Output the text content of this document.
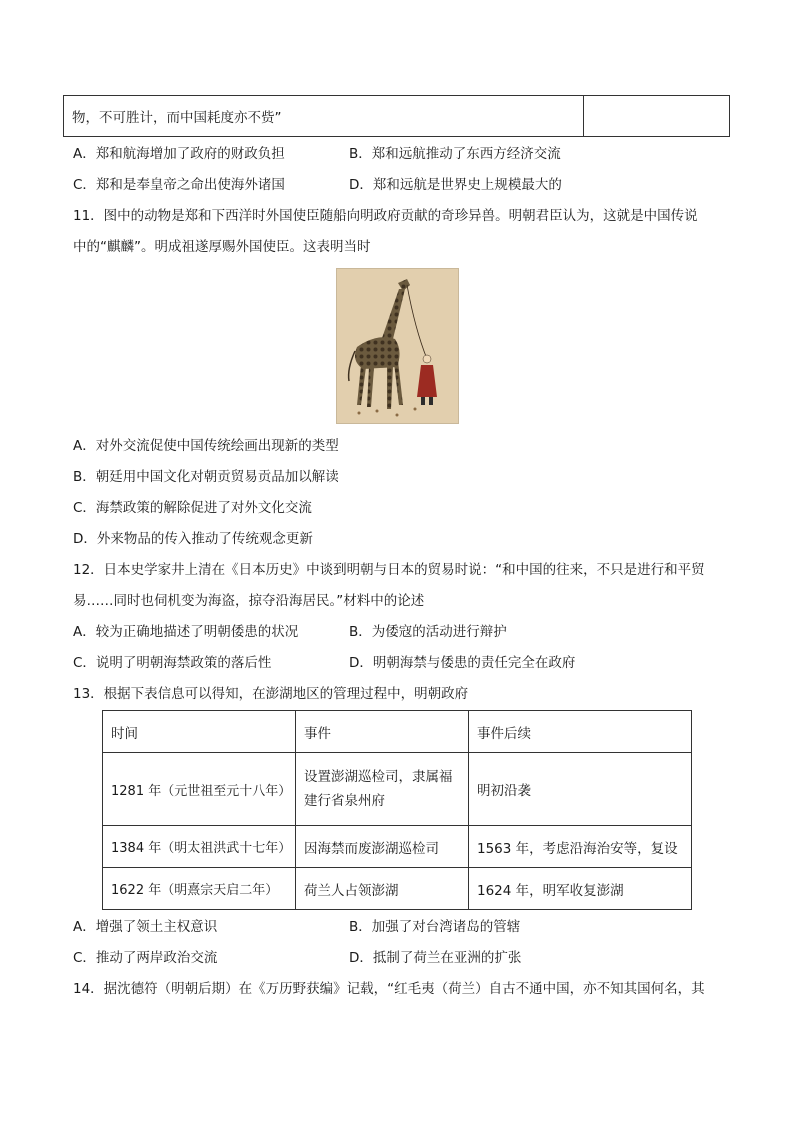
物，不可胜计，而中国耗度亦不赀”	
A．郑和航海增加了政府的财政负担	B．郑和远航推动了东西方经济交流
C．郑和是奉皇帝之命出使海外诸国	D．郑和远航是世界史上规模最大的
11．图中的动物是郑和下西洋时外国使臣随船向明政府贡献的奇珍异兽。明朝君臣认为，这就是中国传说
中的“麒麟”。明成祖遂厚赐外国使臣。这表明当时
A．对外交流促使中国传统绘画出现新的类型
B．朝廷用中国文化对朝贡贸易贡品加以解读
C．海禁政策的解除促进了对外文化交流
D．外来物品的传入推动了传统观念更新
12．日本史学家井上清在《日本历史》中谈到明朝与日本的贸易时说：“和中国的往来，不只是进行和平贸
易……同时也伺机变为海盗，掠夺沿海居民。”材料中的论述
A．较为正确地描述了明朝倭患的状况	B．为倭寇的活动进行辩护
C．说明了明朝海禁政策的落后性	D．明朝海禁与倭患的责任完全在政府
13．根据下表信息可以得知，在澎湖地区的管理过程中，明朝政府
时间	事件	事件后续
1281 年（元世祖至元十八年）	设置澎湖巡检司，隶属福建行省泉州府	明初沿袭
1384 年（明太祖洪武十七年）	因海禁而废澎湖巡检司	1563 年，考虑沿海治安等，复设
1622 年（明熹宗天启二年）	荷兰人占领澎湖	1624 年，明军收复澎湖
A．增强了领土主权意识	B．加强了对台湾诸岛的管辖
C．推动了两岸政治交流	D．抵制了荷兰在亚洲的扩张
14．据沈德符（明朝后期）在《万历野获编》记载，“红毛夷（荷兰）自古不通中国，亦不知其国何名，其
